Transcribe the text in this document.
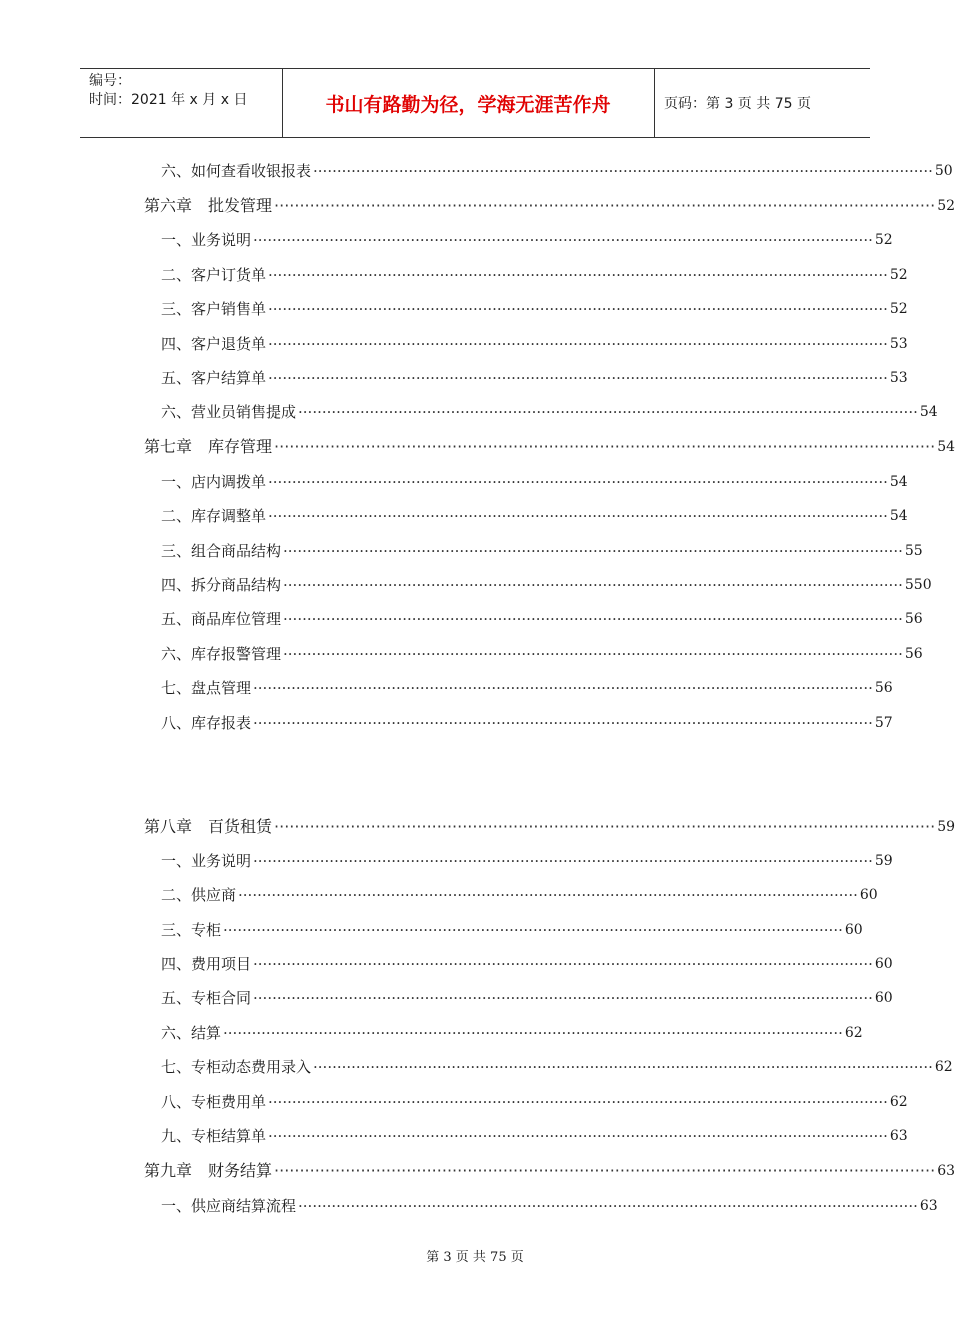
编号：
时间：2021 年 x 月 x 日	书山有路勤为径，学海无涯苦作舟	页码：第 3 页 共 75 页
六、如何查看收银报表 ·································································································································· 50
第六章　批发管理 ·································································································································· 52
一、业务说明 ·································································································································· 52
二、客户订货单 ·································································································································· 52
三、客户销售单 ·································································································································· 52
四、客户退货单 ·································································································································· 53
五、客户结算单 ·································································································································· 53
六、营业员销售提成 ·································································································································· 54
第七章　库存管理 ·································································································································· 54
一、店内调拨单 ·································································································································· 54
二、库存调整单 ·································································································································· 54
三、组合商品结构 ·································································································································· 55
四、拆分商品结构 ·································································································································· 550
五、商品库位管理 ·································································································································· 56
六、库存报警管理 ·································································································································· 56
七、盘点管理 ·································································································································· 56
八、库存报表 ·································································································································· 57
第八章　百货租赁 ·································································································································· 59
一、业务说明 ·································································································································· 59
二、供应商 ·································································································································· 60
三、专柜 ·································································································································· 60
四、费用项目 ·································································································································· 60
五、专柜合同 ·································································································································· 60
六、结算 ·································································································································· 62
七、专柜动态费用录入 ·································································································································· 62
八、专柜费用单 ·································································································································· 62
九、专柜结算单 ·································································································································· 63
第九章　财务结算 ·································································································································· 63
一、供应商结算流程 ·································································································································· 63
第 3 页 共 75 页
